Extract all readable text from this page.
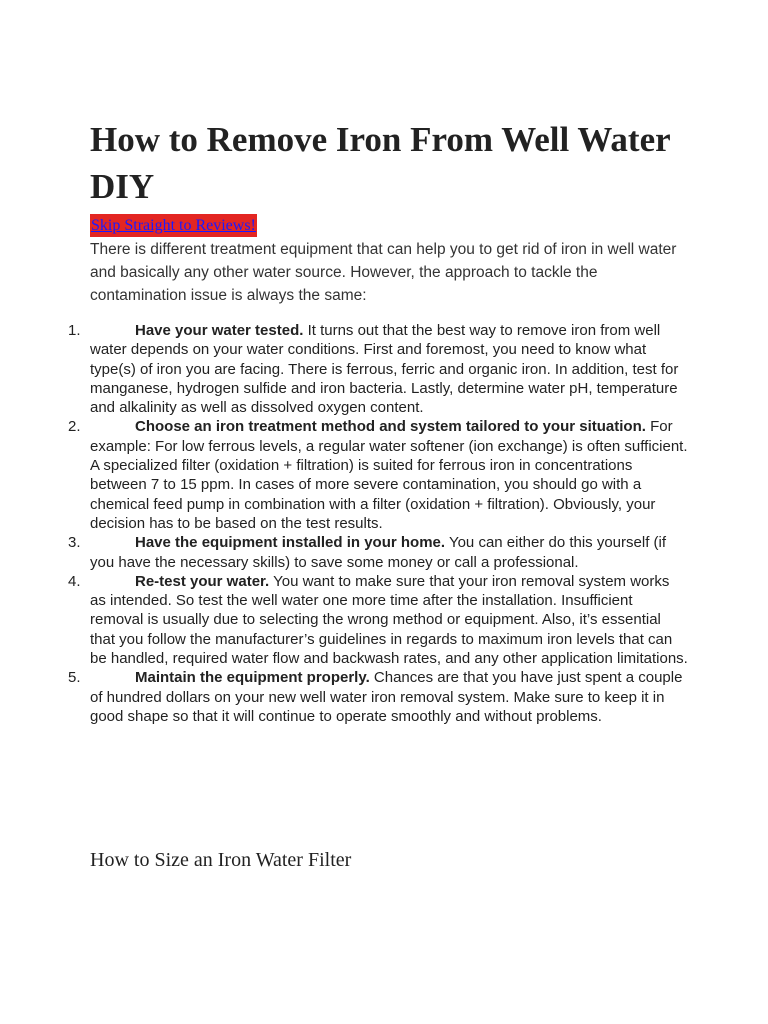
How to Remove Iron From Well Water DIY
Skip Straight to Reviews!

There is different treatment equipment that can help you to get rid of iron in well water and basically any other water source. However, the approach to tackle the contamination issue is always the same:

1.	Have your water tested. It turns out that the best way to remove iron from well water depends on your water conditions. First and foremost, you need to know what type(s) of iron you are facing. There is ferrous, ferric and organic iron. In addition, test for manganese, hydrogen sulfide and iron bacteria. Lastly, determine water pH, temperature and alkalinity as well as dissolved oxygen content.
2.	Choose an iron treatment method and system tailored to your situation. For example: For low ferrous levels, a regular water softener (ion exchange) is often sufficient. A specialized filter (oxidation + filtration) is suited for ferrous iron in concentrations between 7 to 15 ppm. In cases of more severe contamination, you should go with a chemical feed pump in combination with a filter (oxidation + filtration). Obviously, your decision has to be based on the test results.
3.	Have the equipment installed in your home. You can either do this yourself (if you have the necessary skills) to save some money or call a professional.
4.	Re-test your water. You want to make sure that your iron removal system works as intended. So test the well water one more time after the installation. Insufficient removal is usually due to selecting the wrong method or equipment. Also, it’s essential that you follow the manufacturer’s guidelines in regards to maximum iron levels that can be handled, required water flow and backwash rates, and any other application limitations.
5.	Maintain the equipment properly. Chances are that you have just spent a couple of hundred dollars on your new well water iron removal system. Make sure to keep it in good shape so that it will continue to operate smoothly and without problems.
How to Size an Iron Water Filter
